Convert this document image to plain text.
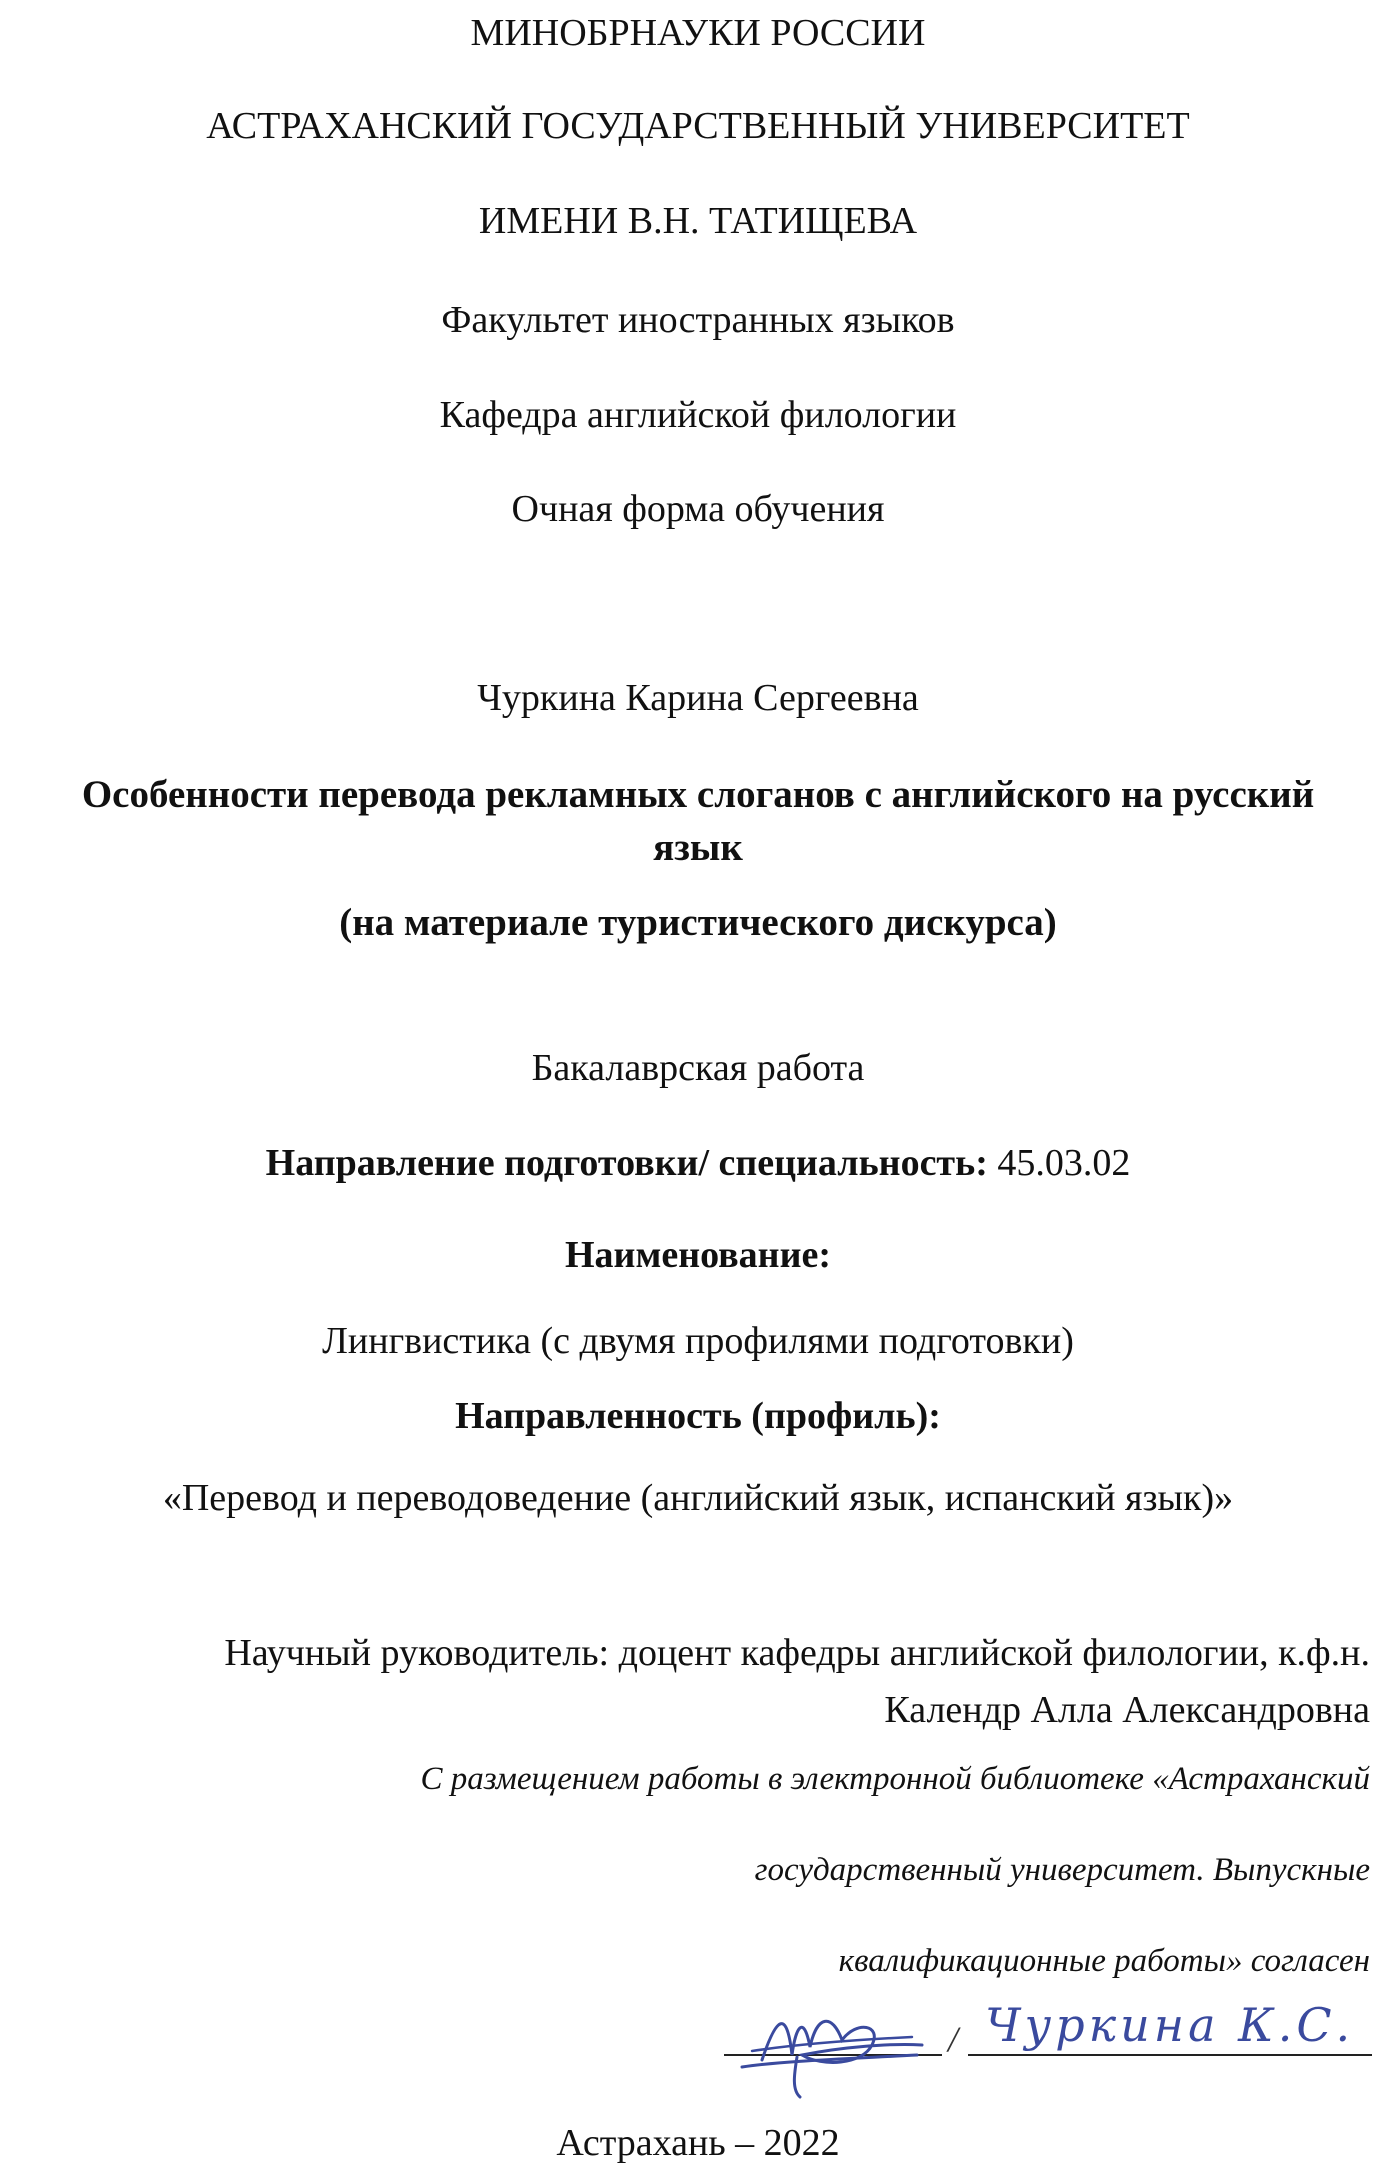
МИНОБРНАУКИ РОССИИ
АСТРАХАНСКИЙ ГОСУДАРСТВЕННЫЙ УНИВЕРСИТЕТ
ИМЕНИ В.Н. ТАТИЩЕВА
Факультет иностранных языков
Кафедра английской филологии
Очная форма обучения
Чуркина Карина Сергеевна
Особенности перевода рекламных слоганов с английского на русский
язык
(на материале туристического дискурса)
Бакалаврская работа
Направление подготовки/ специальность: 45.03.02
Наименование:
Лингвистика (с двумя профилями подготовки)
Направленность (профиль):
«Перевод и переводоведение (английский язык, испанский язык)»
Научный руководитель: доцент кафедры английской филологии, к.ф.н.
Календр Алла Александровна
С размещением работы в электронной библиотеке «Астраханский
государственный университет. Выпускные
квалификационные работы» согласен
/ Чуркина К.С.
Астрахань – 2022
